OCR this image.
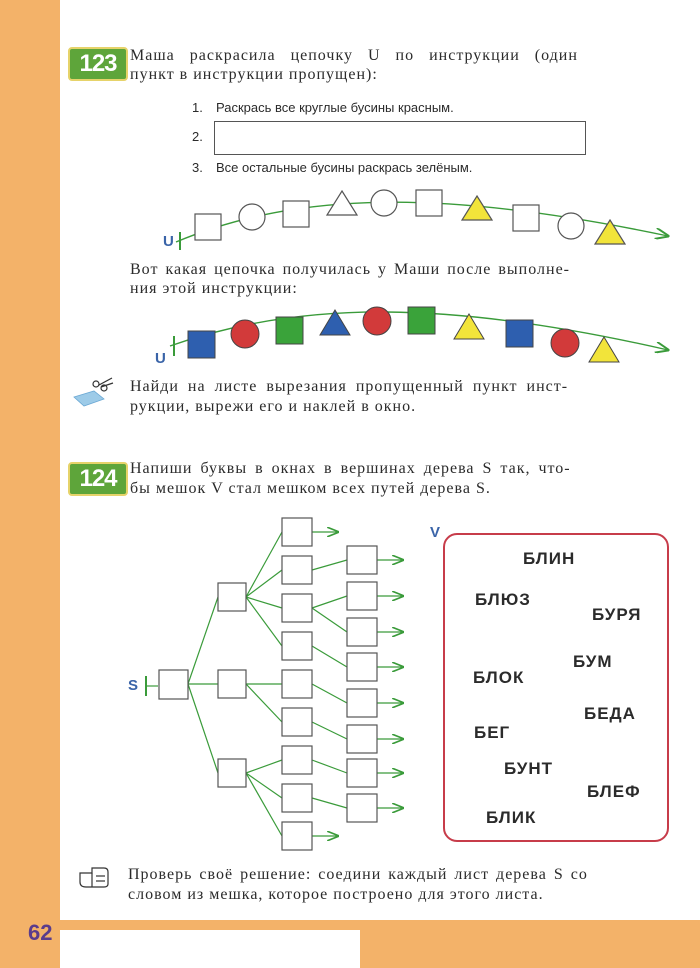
62
123 Маша раскрасила цепочку U по инструкции (один
пункт в инструкции пропущен):
1. Раскрась все круглые бусины красным.
2.
3. Все остальные бусины раскрась зелёным.
U
U
Найди на листе вырезания пропущенный пункт инст-
рукции, вырежи его и наклей в окно.
Вот какая цепочка получилась у Маши после выполне-
ния этой инструкции:
124 Напиши буквы в окнах в вершинах дерева S так, что-
бы мешок V стал мешком всех путей дерева S.
S
V
БЛИН
БЛЮЗ
БУРЯ
БУМ
БЛОК
БЕДА
БЕГ
БУНТ
БЛЕФ
БЛИК
Проверь своё решение: соедини каждый лист дерева S со
словом из мешка, которое построено для этого листа.
